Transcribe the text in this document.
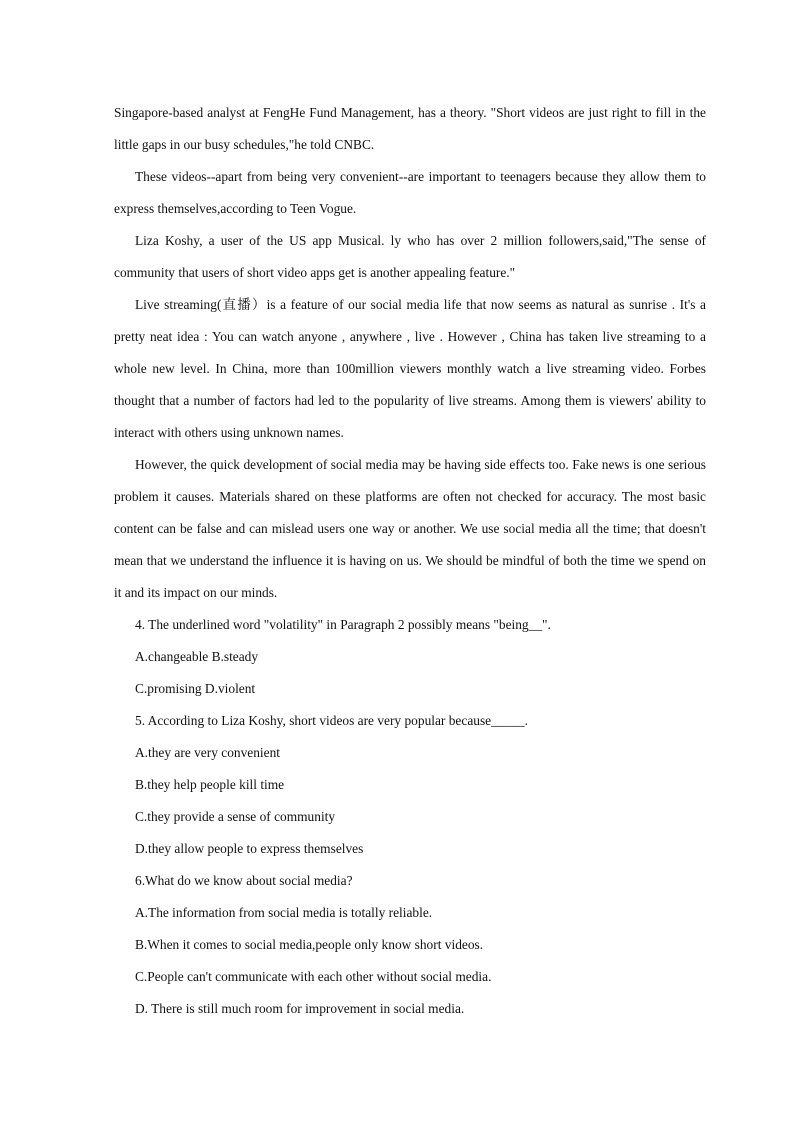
Singapore-based analyst at FengHe Fund Management, has a theory. "Short videos are just right to fill in the little gaps in our busy schedules,"he told CNBC.

These videos--apart from being very convenient--are important to teenagers because they allow them to express themselves,according to Teen Vogue.

Liza Koshy, a user of the US app Musical. ly who has over 2 million followers,said,"The sense of community that users of short video apps get is another appealing feature."

Live streaming(直播）is a feature of our social media life that now seems as natural as sunrise . It's a pretty neat idea : You can watch anyone , anywhere , live . However , China has taken live streaming to a whole new level. In China, more than 100million viewers monthly watch a live streaming video. Forbes thought that a number of factors had led to the popularity of live streams. Among them is viewers' ability to interact with others using unknown names.

However, the quick development of social media may be having side effects too. Fake news is one serious problem it causes. Materials shared on these platforms are often not checked for accuracy. The most basic content can be false and can mislead users one way or another. We use social media all the time; that doesn't mean that we understand the influence it is having on us. We should be mindful of both the time we spend on it and its impact on our minds.

4. The underlined word "volatility" in Paragraph 2 possibly means "being__".

A.changeable B.steady

C.promising D.violent

5. According to Liza Koshy, short videos are very popular because_____.

A.they are very convenient

B.they help people kill time

C.they provide a sense of community

D.they allow people to express themselves

6.What do we know about social media?

A.The information from social media is totally reliable.

B.When it comes to social media,people only know short videos.

C.People can't communicate with each other without social media.

D. There is still much room for improvement in social media.
